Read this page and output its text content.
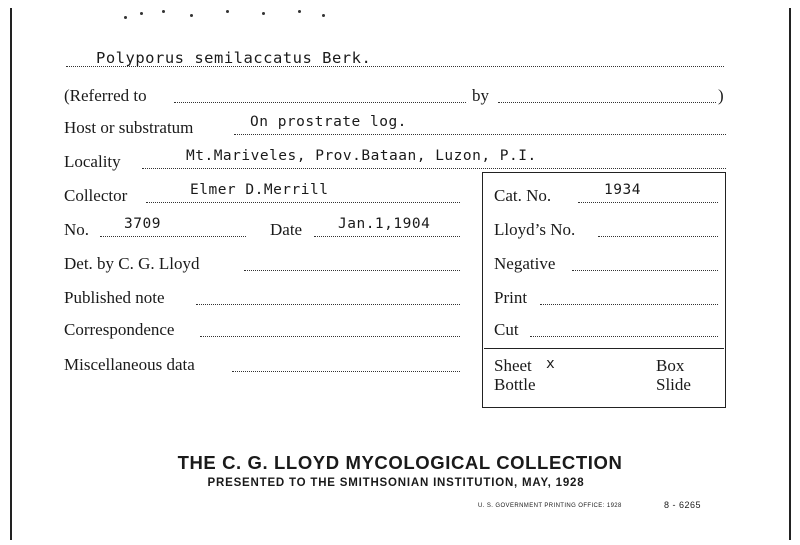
Polyporus semilaccatus Berk.
(Referred to	by	)
Host or substratum	On prostrate log.
Locality	Mt.Mariveles, Prov.Bataan, Luzon, P.I.
Collector	Elmer D.Merrill
No. 3709	Date Jan.1,1904
Det. by C. G. Lloyd
Published note
Correspondence
Miscellaneous data
Cat. No.	1934
Lloyd’s No.
Negative
Print
Cut
Sheet x	Box
Bottle	Slide
THE C. G. LLOYD MYCOLOGICAL COLLECTION
PRESENTED TO THE SMITHSONIAN INSTITUTION, MAY, 1928
U. S. GOVERNMENT PRINTING OFFICE: 1928	8 - 6265
